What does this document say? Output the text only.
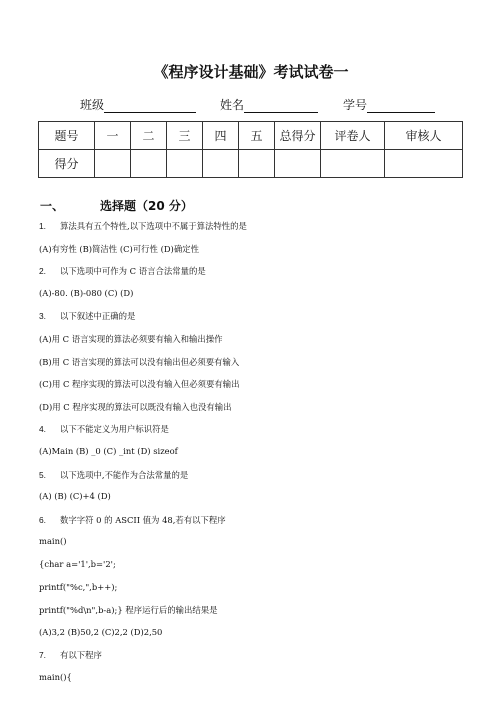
《程序设计基础》考试试卷一
班级	姓名	学号
题号	一	二	三	四	五	总得分	评卷人	审核人
得分								
一、	选择题（20 分）
1. 算法具有五个特性,以下选项中不属于算法特性的是
(A)有穷性 (B)简洁性 (C)可行性 (D)确定性
2. 以下选项中可作为 C 语言合法常量的是
(A)-80. (B)-080 (C) (D)
3. 以下叙述中正确的是
(A)用 C 语言实现的算法必须要有输入和输出操作
(B)用 C 语言实现的算法可以没有输出但必须要有输入
(C)用 C 程序实现的算法可以没有输入但必须要有输出
(D)用 C 程序实现的算法可以既没有输入也没有输出
4. 以下不能定义为用户标识符是
(A)Main (B) _0 (C) _int (D) sizeof
5. 以下选项中,不能作为合法常量的是
(A) (B) (C)+4 (D)
6. 数字字符 0 的 ASCII 值为 48,若有以下程序
main()
{char a='1',b='2';
printf("%c,",b++);
printf("%d\n",b-a);} 程序运行后的输出结果是
(A)3,2 (B)50,2 (C)2,2 (D)2,50
7. 有以下程序
main(){
